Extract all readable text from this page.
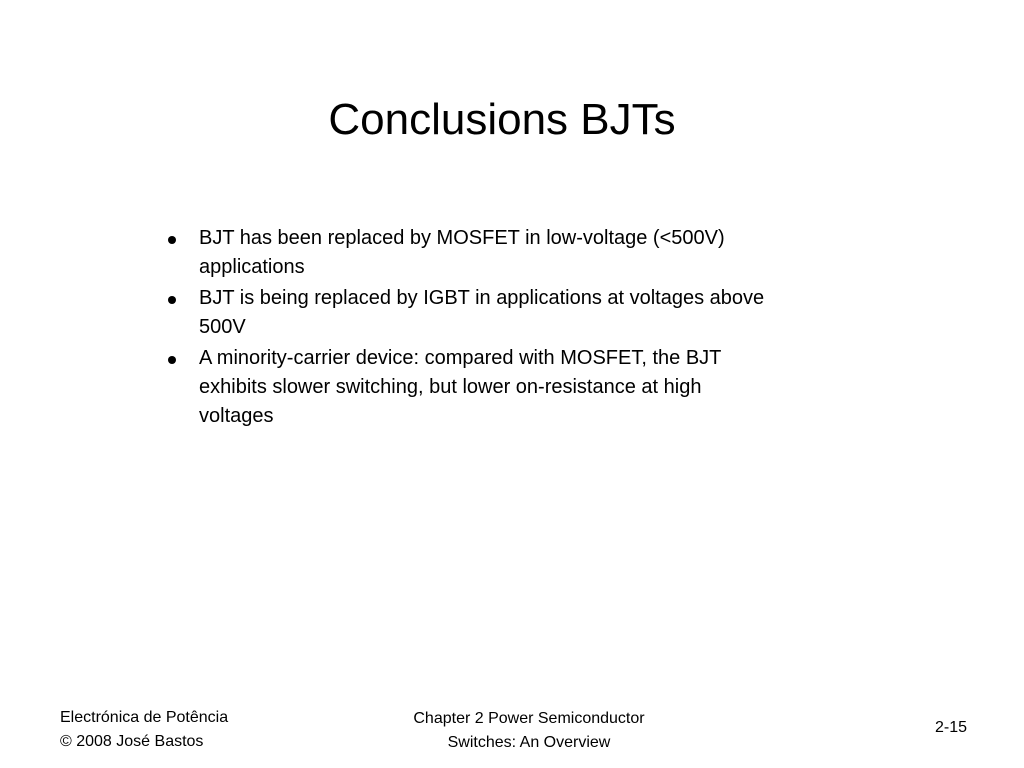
Conclusions BJTs
BJT has been replaced by MOSFET in low-voltage (<500V)
applications
BJT is being replaced by IGBT in applications at voltages above
500V
A minority-carrier device: compared with MOSFET, the BJT
exhibits slower switching, but lower on-resistance at high
voltages
Electrónica de Potência
© 2008 José Bastos
Chapter 2 Power Semiconductor
Switches: An Overview
2-15
